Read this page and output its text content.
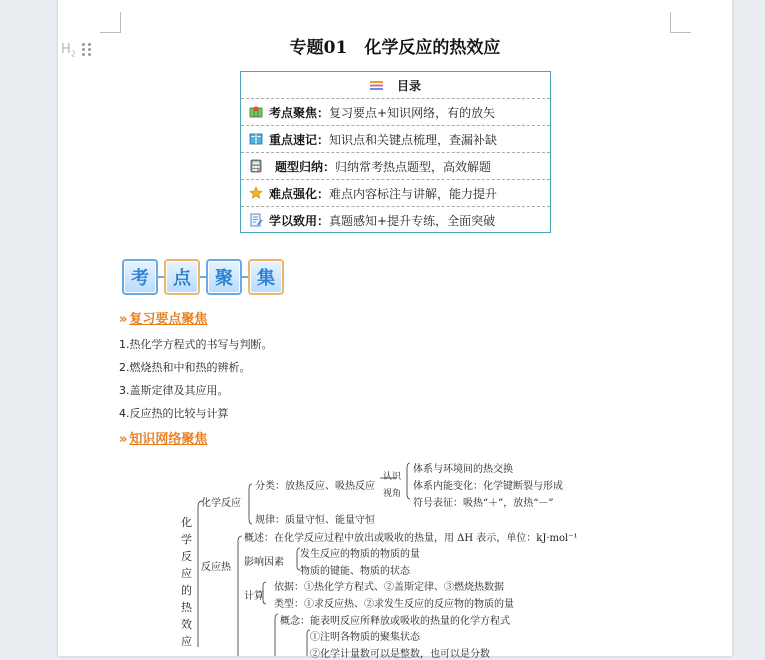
$H_2$	专题01　化学反应的热效应
目录
考点聚焦： 复习要点+知识网络，有的放矢
重点速记： 知识点和关键点梳理，查漏补缺
题型归纳： 归纳常考热点题型，高效解题
难点强化： 难点内容标注与讲解，能力提升
学以致用： 真题感知+提升专练，全面突破
考	点	聚	集
» 复习要点聚焦
1.热化学方程式的书写与判断。
2.燃烧热和中和热的辨析。
3.盖斯定律及其应用。
4.反应热的比较与计算
» 知识网络聚焦
化学反应的热效应
化学反应
分类：放热反应、吸热反应
认识
视角
体系与环境间的热交换
体系内能变化：化学键断裂与形成
符号表征：吸热“＋”，放热“－”
规律：质量守恒、能量守恒
反应热
概述：在化学反应过程中放出或吸收的热量，用 ΔH 表示，单位：kJ·mol⁻¹
影响因素
发生反应的物质的物质的量
物质的键能、物质的状态
计算
依据：①热化学方程式、②盖斯定律、③燃烧热数据
类型：①求反应热、②求发生反应的反应物的物质的量
概念：能表明反应所释放或吸收的热量的化学方程式
①注明各物质的聚集状态
②化学计量数可以是整数，也可以是分数
